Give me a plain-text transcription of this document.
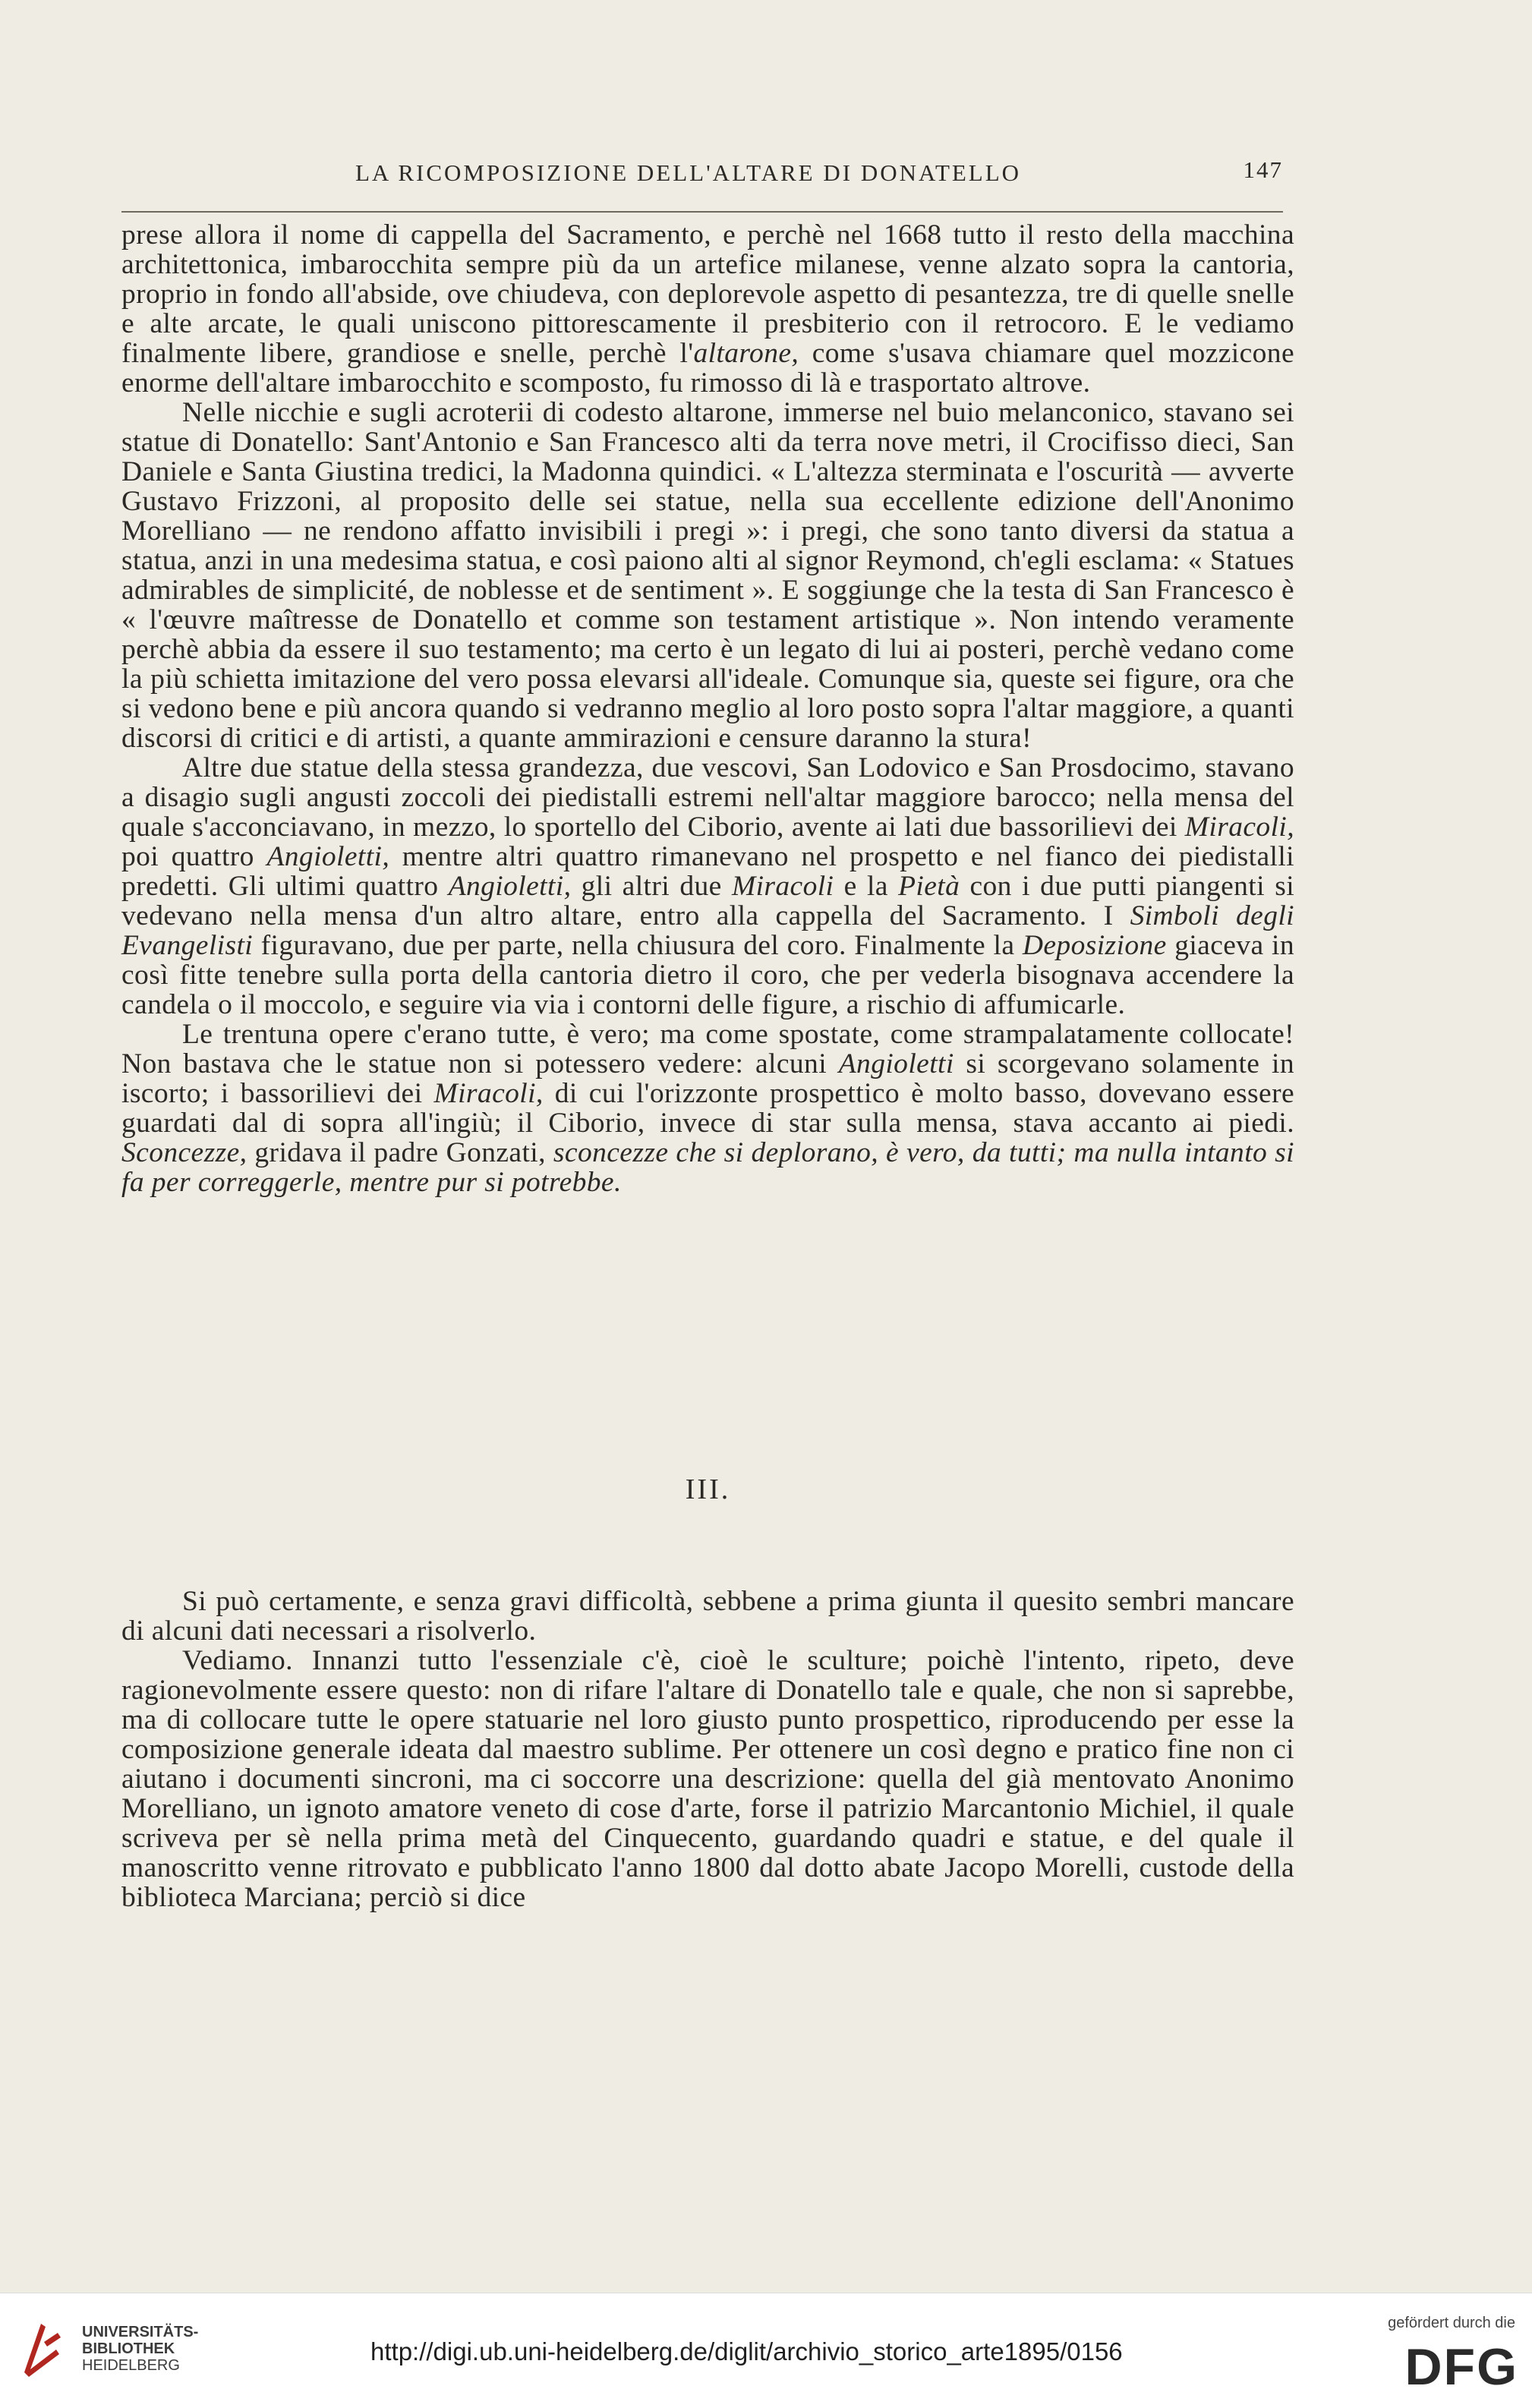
LA RICOMPOSIZIONE DELL'ALTARE DI DONATELLO	147

prese allora il nome di cappella del Sacramento, e perchè nel 1668 tutto il resto della macchina architettonica, imbarocchita sempre più da un artefice milanese, venne alzato sopra la cantoria, proprio in fondo all'abside, ove chiudeva, con deplorevole aspetto di pesantezza, tre di quelle snelle e alte arcate, le quali uniscono pittorescamente il presbiterio con il retrocoro. E le vediamo finalmente libere, grandiose e snelle, perchè l'altarone, come s'usava chiamare quel mozzicone enorme dell'altare imbarocchito e scomposto, fu rimosso di là e trasportato altrove.

Nelle nicchie e sugli acroterii di codesto altarone, immerse nel buio melanconico, stavano sei statue di Donatello: Sant'Antonio e San Francesco alti da terra nove metri, il Crocifisso dieci, San Daniele e Santa Giustina tredici, la Madonna quindici. « L'altezza sterminata e l'oscurità — avverte Gustavo Frizzoni, al proposito delle sei statue, nella sua eccellente edizione dell'Anonimo Morelliano — ne rendono affatto invisibili i pregi »: i pregi, che sono tanto diversi da statua a statua, anzi in una medesima statua, e così paiono alti al signor Reymond, ch'egli esclama: « Statues admirables de simplicité, de noblesse et de sentiment ». E soggiunge che la testa di San Francesco è « l'œuvre maîtresse de Donatello et comme son testament artistique ». Non intendo veramente perchè abbia da essere il suo testamento; ma certo è un legato di lui ai posteri, perchè vedano come la più schietta imitazione del vero possa elevarsi all'ideale. Comunque sia, queste sei figure, ora che si vedono bene e più ancora quando si vedranno meglio al loro posto sopra l'altar maggiore, a quanti discorsi di critici e di artisti, a quante ammirazioni e censure daranno la stura!

Altre due statue della stessa grandezza, due vescovi, San Lodovico e San Prosdocimo, stavano a disagio sugli angusti zoccoli dei piedistalli estremi nell'altar maggiore barocco; nella mensa del quale s'acconciavano, in mezzo, lo sportello del Ciborio, avente ai lati due bassorilievi dei Miracoli, poi quattro Angioletti, mentre altri quattro rimanevano nel prospetto e nel fianco dei piedistalli predetti. Gli ultimi quattro Angioletti, gli altri due Miracoli e la Pietà con i due putti piangenti si vedevano nella mensa d'un altro altare, entro alla cappella del Sacramento. I Simboli degli Evangelisti figuravano, due per parte, nella chiusura del coro. Finalmente la Deposizione giaceva in così fitte tenebre sulla porta della cantoria dietro il coro, che per vederla bisognava accendere la candela o il moccolo, e seguire via via i contorni delle figure, a rischio di affumicarle.

Le trentuna opere c'erano tutte, è vero; ma come spostate, come strampalatamente collocate! Non bastava che le statue non si potessero vedere: alcuni Angioletti si scorgevano solamente in iscorto; i bassorilievi dei Miracoli, di cui l'orizzonte prospettico è molto basso, dovevano essere guardati dal di sopra all'ingiù; il Ciborio, invece di star sulla mensa, stava accanto ai piedi. Sconcezze, gridava il padre Gonzati, sconcezze che si deplorano, è vero, da tutti; ma nulla intanto si fa per correggerle, mentre pur si potrebbe.

III.

Si può certamente, e senza gravi difficoltà, sebbene a prima giunta il quesito sembri mancare di alcuni dati necessari a risolverlo.

Vediamo. Innanzi tutto l'essenziale c'è, cioè le sculture; poichè l'intento, ripeto, deve ragionevolmente essere questo: non di rifare l'altare di Donatello tale e quale, che non si saprebbe, ma di collocare tutte le opere statuarie nel loro giusto punto prospettico, riproducendo per esse la composizione generale ideata dal maestro sublime. Per ottenere un così degno e pratico fine non ci aiutano i documenti sincroni, ma ci soccorre una descrizione: quella del già mentovato Anonimo Morelliano, un ignoto amatore veneto di cose d'arte, forse il patrizio Marcantonio Michiel, il quale scriveva per sè nella prima metà del Cinquecento, guardando quadri e statue, e del quale il manoscritto venne ritrovato e pubblicato l'anno 1800 dal dotto abate Jacopo Morelli, custode della biblioteca Marciana; perciò si dice

UNIVERSITÄTS-
BIBLIOTHEK
HEIDELBERG	http://digi.ub.uni-heidelberg.de/diglit/archivio_storico_arte1895/0156
gefördert durch die
DFG
